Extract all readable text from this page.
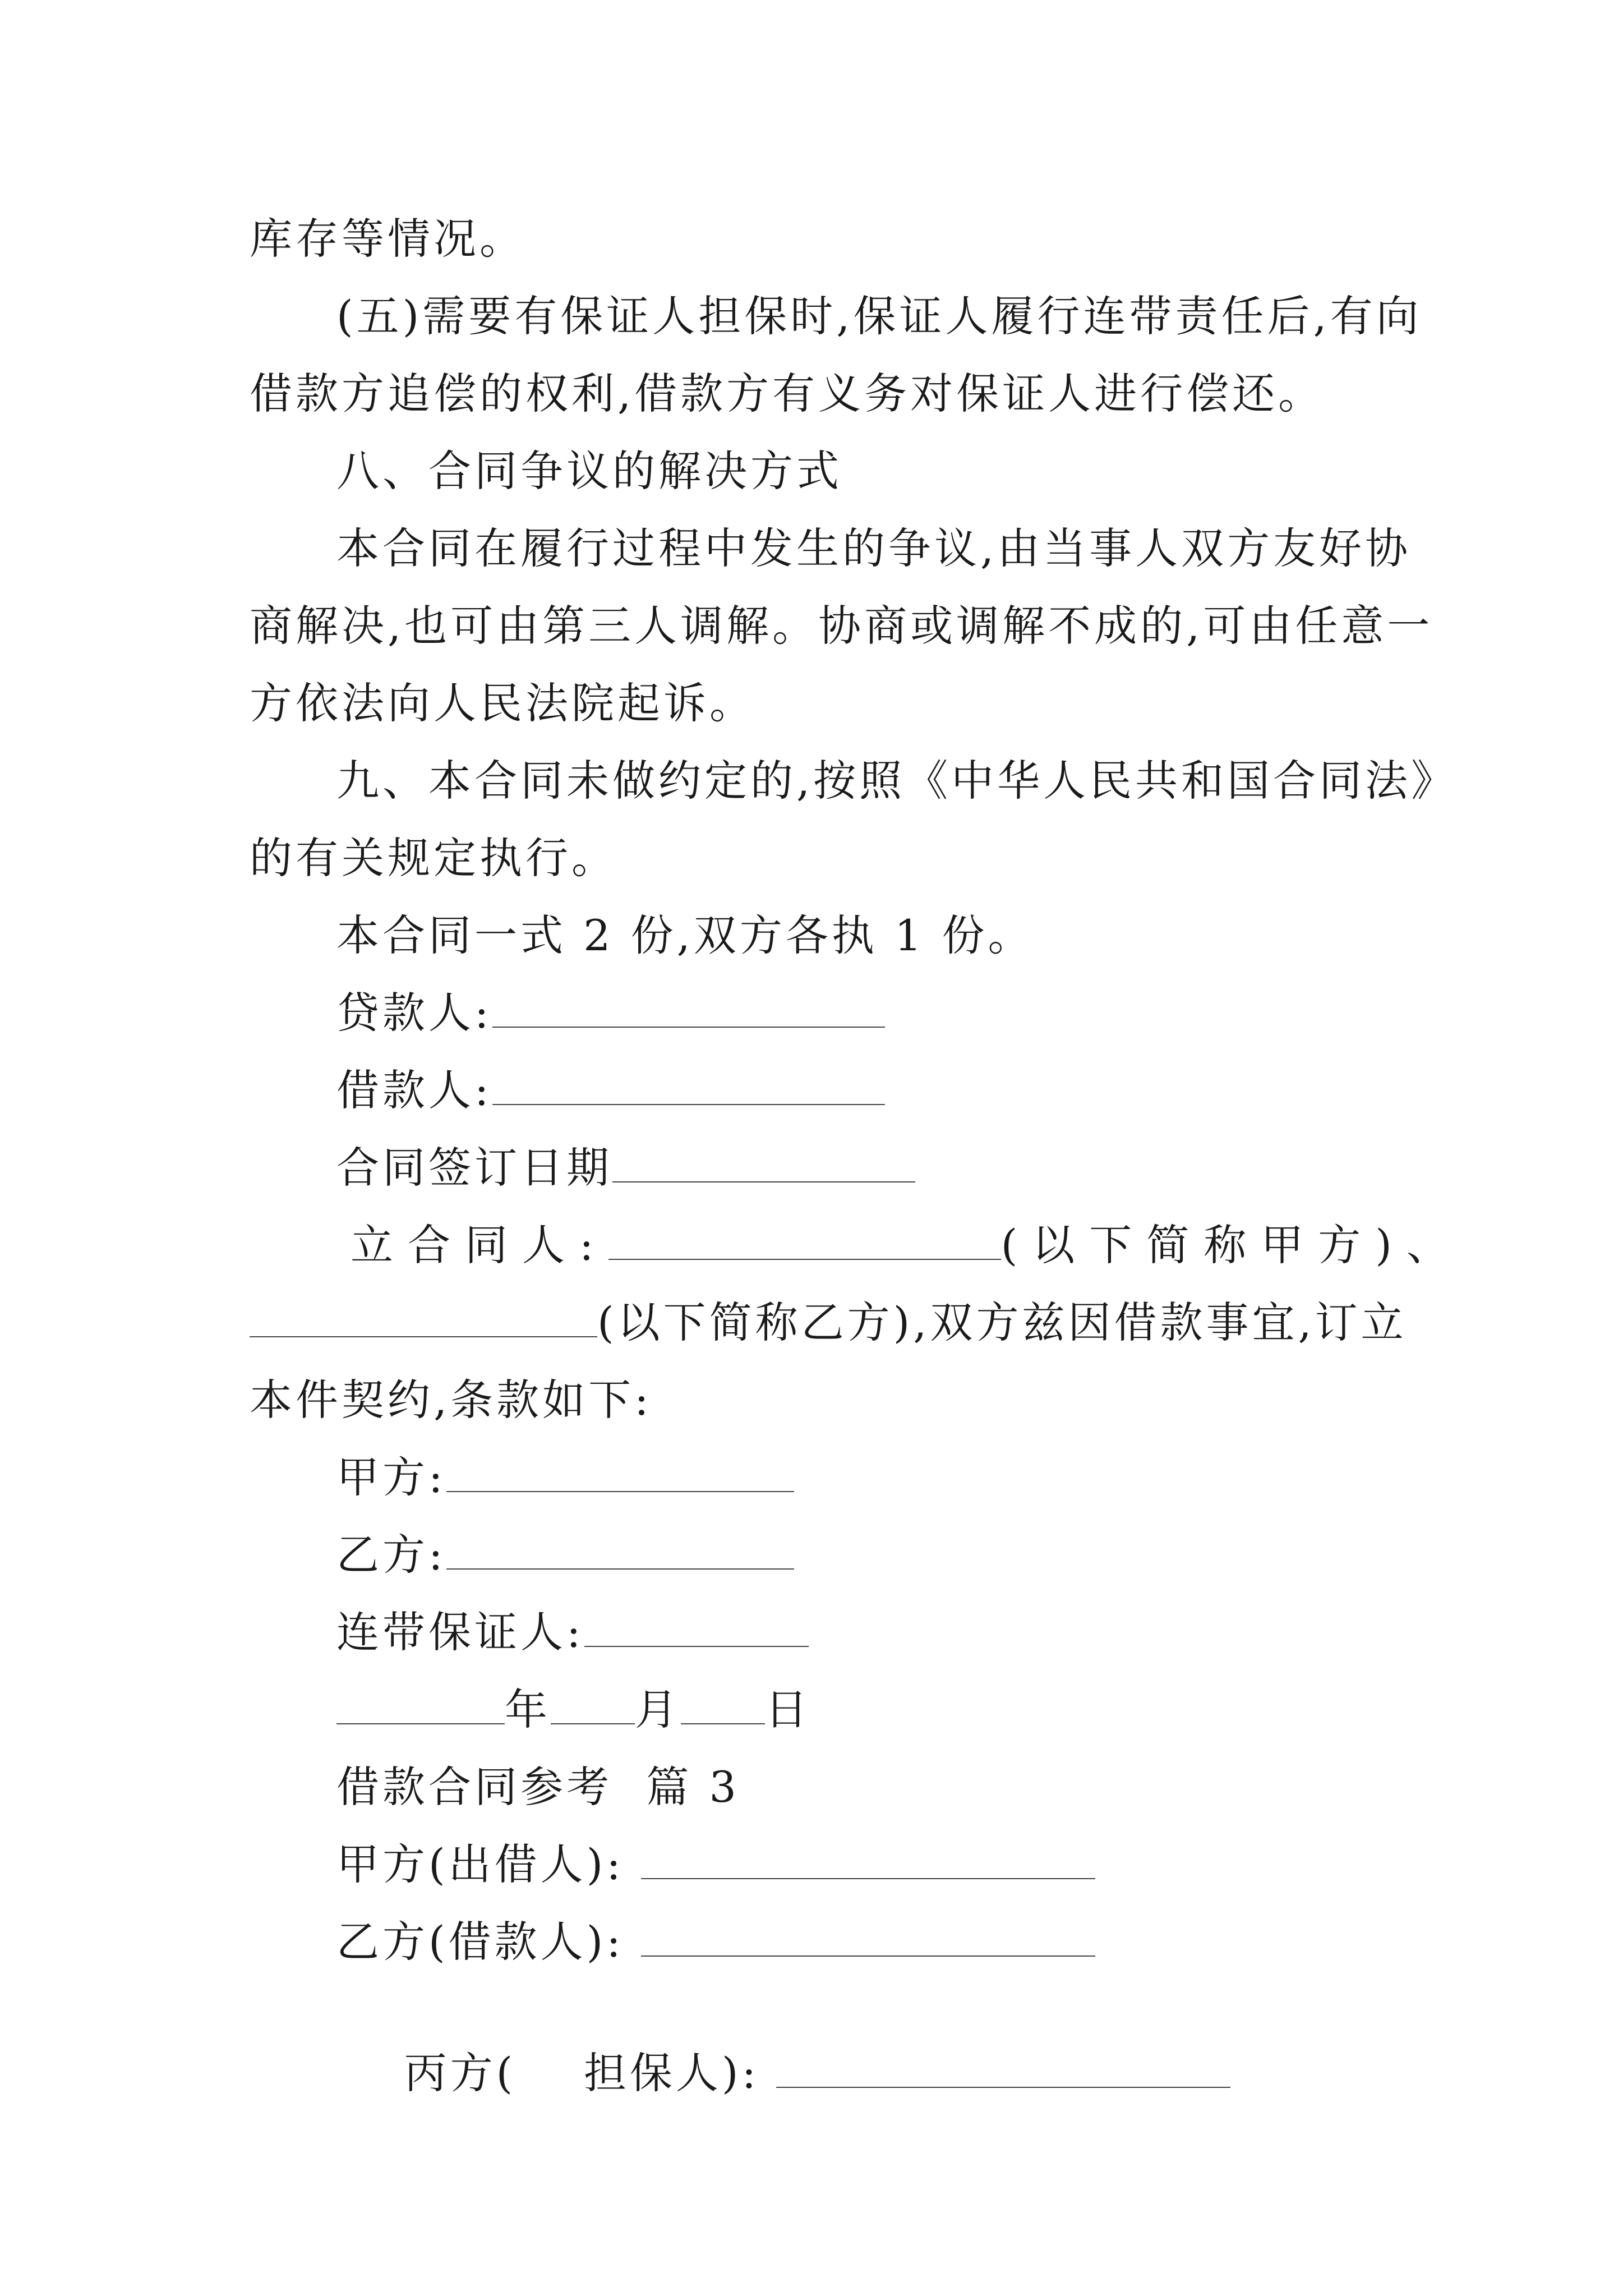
库存等情况。
(五)需要有保证人担保时,保证人履行连带责任后,有向
借款方追偿的权利,借款方有义务对保证人进行偿还。
八、合同争议的解决方式
本合同在履行过程中发生的争议,由当事人双方友好协
商解决,也可由第三人调解。协商或调解不成的,可由任意一
方依法向人民法院起诉。
九、本合同未做约定的,按照《中华人民共和国合同法》
的有关规定执行。
本合同一式 2 份,双方各执 1 份。
贷款人:
借款人:
合同签订日期
立合同人:	(以下简称甲方)、
(以下简称乙方),双方兹因借款事宜,订立
本件契约,条款如下:
甲方:
乙方:
连带保证人:
年 月 日
借款合同参考  篇 3
甲方(出借人):
乙方(借款人):

丙方(    担保人):
